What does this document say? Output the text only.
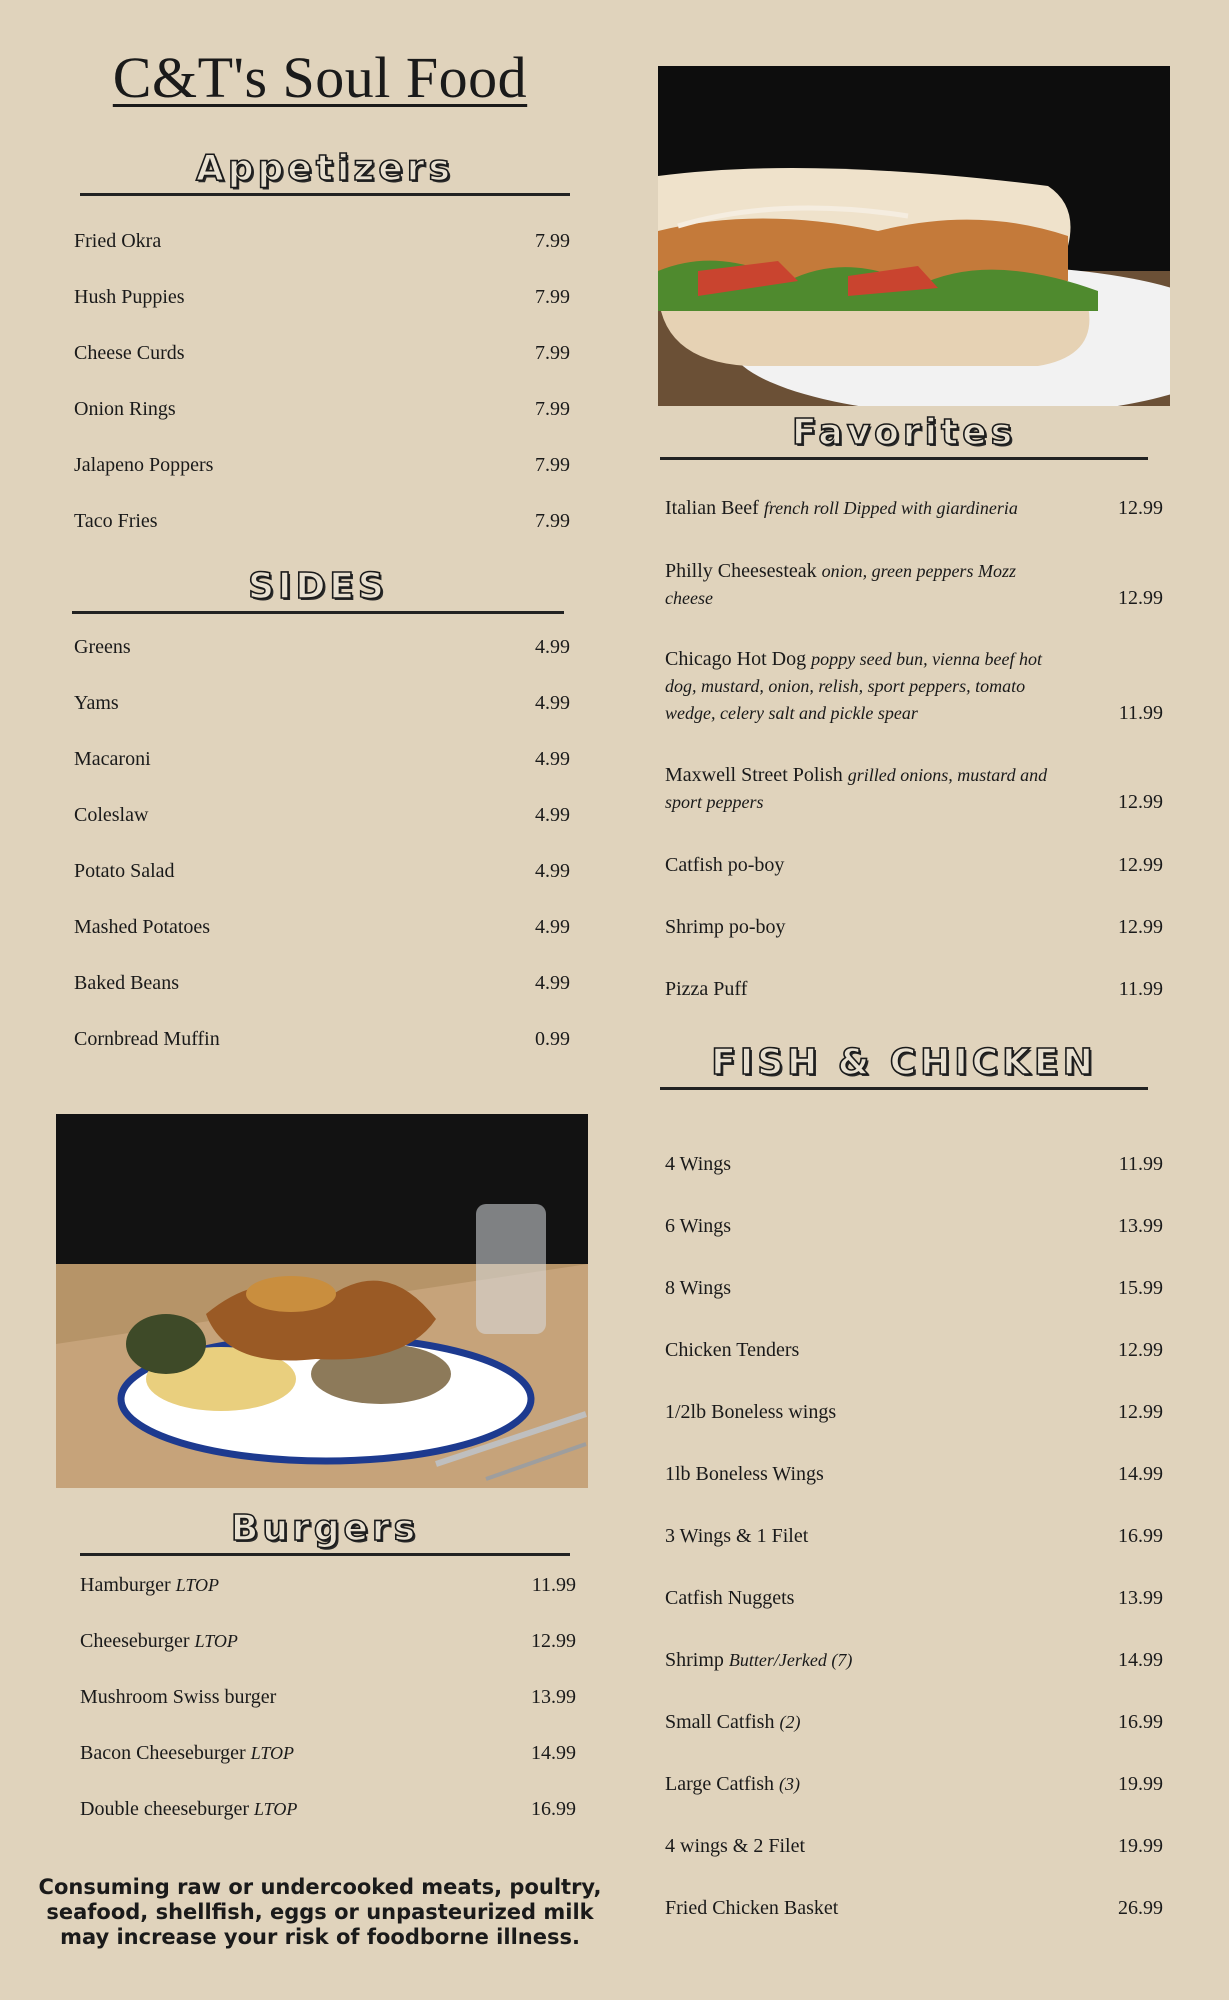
C&T's Soul Food
Appetizers
Fried Okra	7.99
Hush Puppies	7.99
Cheese Curds	7.99
Onion Rings	7.99
Jalapeno Poppers	7.99
Taco Fries	7.99
SIDES
Greens	4.99
Yams	4.99
Macaroni	4.99
Coleslaw	4.99
Potato Salad	4.99
Mashed Potatoes	4.99
Baked Beans	4.99
Cornbread Muffin	0.99
Burgers
Hamburger LTOP	11.99
Cheeseburger LTOP	12.99
Mushroom Swiss burger	13.99
Bacon Cheeseburger LTOP	14.99
Double cheeseburger LTOP	16.99
Consuming raw or undercooked meats, poultry, seafood, shellfish, eggs or unpasteurized milk may increase your risk of foodborne illness.
Favorites
Italian Beef french roll Dipped with giardineria	12.99
Philly Cheesesteak onion, green peppers Mozz cheese	12.99
Chicago Hot Dog poppy seed bun, vienna beef hot dog, mustard, onion, relish, sport peppers, tomato wedge, celery salt and pickle spear	11.99
Maxwell Street Polish grilled onions, mustard and sport peppers	12.99
Catfish po-boy	12.99
Shrimp po-boy	12.99
Pizza Puff	11.99
FISH & CHICKEN
4 Wings	11.99
6 Wings	13.99
8 Wings	15.99
Chicken Tenders	12.99
1/2lb Boneless wings	12.99
1lb Boneless Wings	14.99
3 Wings & 1 Filet	16.99
Catfish Nuggets	13.99
Shrimp Butter/Jerked (7)	14.99
Small Catfish (2)	16.99
Large Catfish (3)	19.99
4 wings & 2 Filet	19.99
Fried Chicken Basket	26.99
